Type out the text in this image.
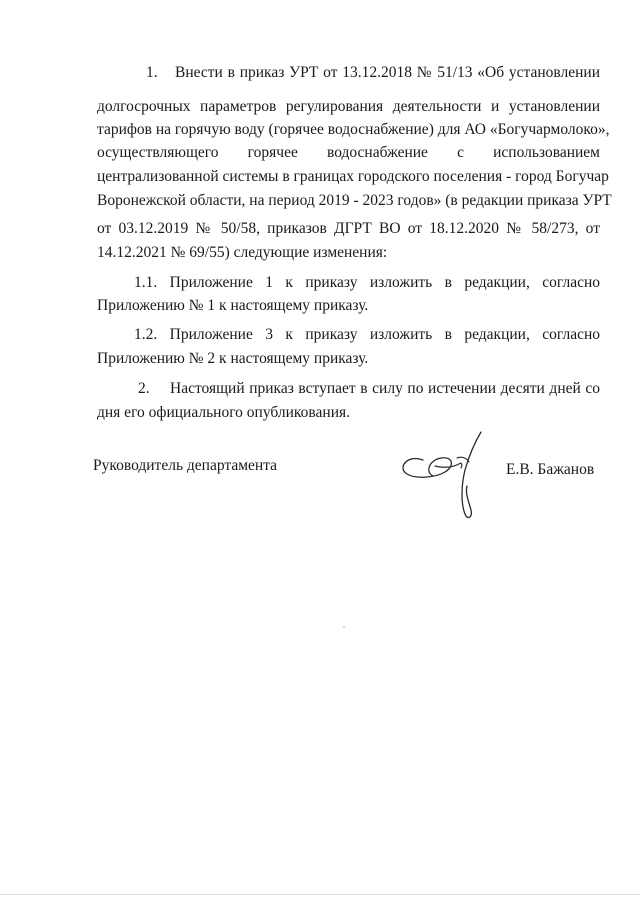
1. Внести в приказ УРТ от 13.12.2018 № 51/13 «Об установлении
долгосрочных параметров регулирования деятельности и установлении
тарифов на горячую воду (горячее водоснабжение) для АО «Богучармолоко»,
осуществляющего горячее водоснабжение с использованием
централизованной системы в границах городского поселения - город Богучар
Воронежской области, на период 2019 - 2023 годов» (в редакции приказа УРТ
от 03.12.2019 № 50/58, приказов ДГРТ ВО от 18.12.2020 № 58/273, от
14.12.2021 № 69/55) следующие изменения:
1.1. Приложение 1 к приказу изложить в редакции, согласно
Приложению № 1 к настоящему приказу.
1.2. Приложение 3 к приказу изложить в редакции, согласно
Приложению № 2 к настоящему приказу.
2. Настоящий приказ вступает в силу по истечении десяти дней со
дня его официального опубликования.
Руководитель департамента	Е.В. Бажанов
